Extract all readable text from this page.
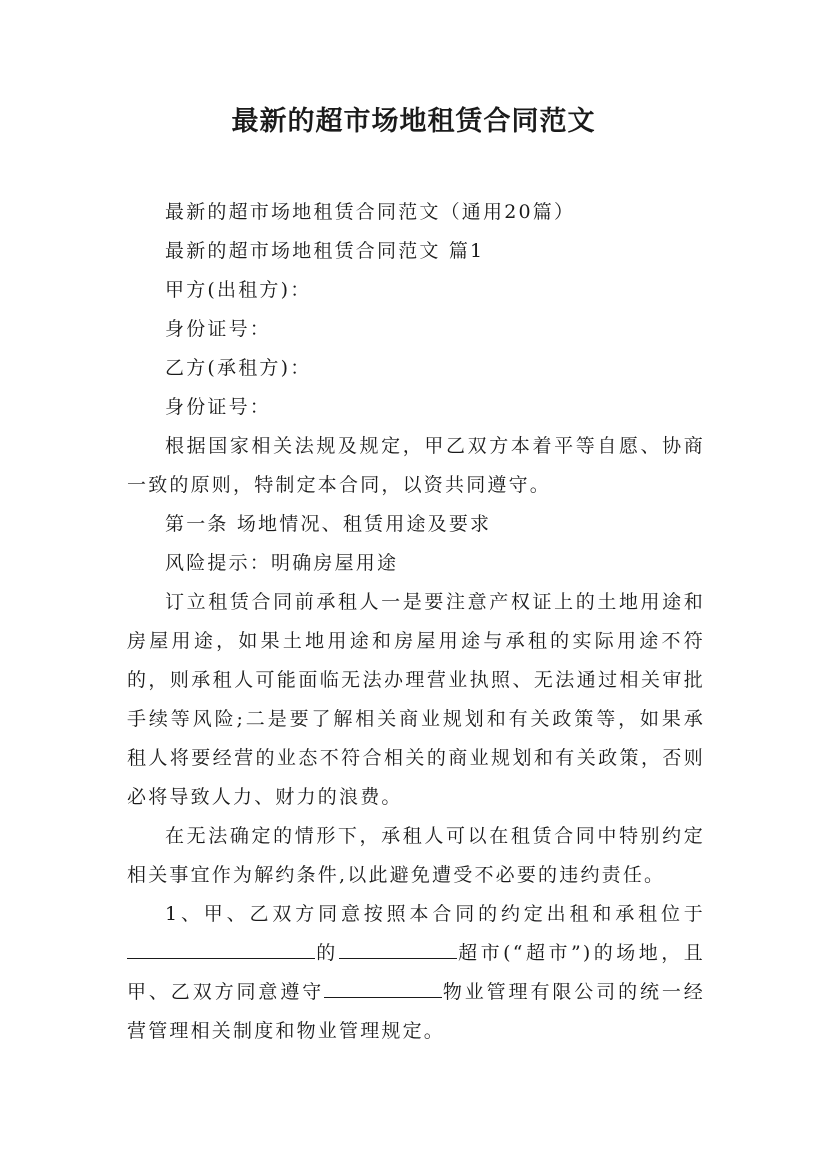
最新的超市场地租赁合同范文

最新的超市场地租赁合同范文（通用20篇）

最新的超市场地租赁合同范文 篇1

甲方(出租方)：

身份证号：

乙方(承租方)：

身份证号：

根据国家相关法规及规定，甲乙双方本着平等自愿、协商一致的原则，特制定本合同，以资共同遵守。

第一条 场地情况、租赁用途及要求

风险提示：明确房屋用途

订立租赁合同前承租人一是要注意产权证上的土地用途和房屋用途，如果土地用途和房屋用途与承租的实际用途不符的，则承租人可能面临无法办理营业执照、无法通过相关审批手续等风险;二是要了解相关商业规划和有关政策等，如果承租人将要经营的业态不符合相关的商业规划和有关政策，否则必将导致人力、财力的浪费。

在无法确定的情形下，承租人可以在租赁合同中特别约定相关事宜作为解约条件,以此避免遭受不必要的违约责任。

1、甲、乙双方同意按照本合同的约定出租和承租位于的	超市(“超市”)的场地，且甲、乙双方同意遵守	物业管理有限公司的统一经营管理相关制度和物业管理规定。
